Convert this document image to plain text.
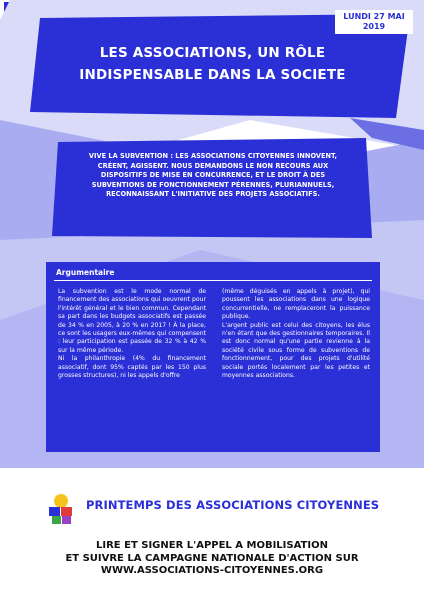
LUNDI 27 MAI
2019
LES ASSOCIATIONS, UN RÔLE
INDISPENSABLE DANS LA SOCIETE
VIVE LA SUBVENTION : LES ASSOCIATIONS CITOYENNES INNOVENT, CRÉENT, AGISSENT. NOUS DEMANDONS LE NON RECOURS AUX DISPOSITIFS DE MISE EN CONCURRENCE, ET LE DROIT À DES SUBVENTIONS DE FONCTIONNEMENT PÉRENNES, PLURIANNUELS, RECONNAISSANT L'INITIATIVE DES PROJETS ASSOCIATIFS.
Argumentaire

La subvention est le mode normal de financement des associations qui oeuvrent pour l'intérêt général et le bien commun. Cependant sa part dans les budgets associatifs est passée de 34 % en 2005, à 20 % en 2017 ! À la place, ce sont les usagers eux-mêmes qui compensent : leur participation est passée de 32 % à 42 % sur la même période.

Ni la philanthropie (4% du financement associatif, dont 95% captés par les 150 plus grosses structures), ni les appels d'offre

(même déguisés en appels à projet), qui poussent les associations dans une logique concurrentielle, ne remplaceront la puissance publique.

L'argent public est celui des citoyens, les élus n'en étant que des gestionnaires temporaires. Il est donc normal qu'une partie revienne à la société civile sous forme de subventions de fonctionnement, pour des projets d'utilité sociale portés localement par les petites et moyennes associations.

PRINTEMPS DES ASSOCIATIONS CITOYENNES
LIRE ET SIGNER L'APPEL A MOBILISATION
ET SUIVRE LA CAMPAGNE NATIONALE D'ACTION SUR
WWW.ASSOCIATIONS-CITOYENNES.ORG
